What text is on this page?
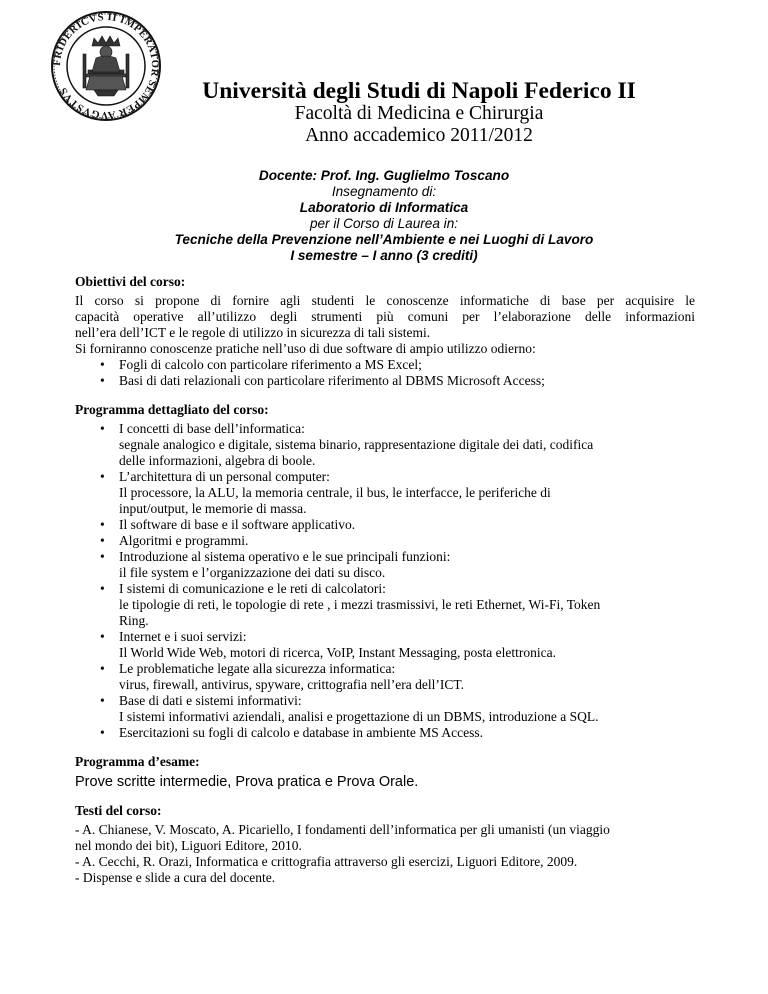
FRIDERICVS II IMPERATOR SEMPER AVGVSTVS	Università degli Studi di Napoli Federico II
Facoltà di Medicina e Chirurgia
Anno accademico 2011/2012
Docente: Prof. Ing. Guglielmo Toscano
Insegnamento di:
Laboratorio di Informatica
per il Corso di Laurea in:
Tecniche della Prevenzione nell’Ambiente e nei Luoghi di Lavoro
I semestre – I anno (3 crediti)

Obiettivi del corso:

Il corso si propone di fornire agli studenti le conoscenze informatiche di base per acquisire le

capacità operative all’utilizzo degli strumenti più comuni per l’elaborazione delle informazioni

nell’era dell’ICT e le regole di utilizzo in sicurezza di tali sistemi.

Si forniranno conoscenze pratiche nell’uso di due software di ampio utilizzo odierno:

• Fogli di calcolo con particolare riferimento a MS Excel;
• Basi di dati relazionali con particolare riferimento al DBMS Microsoft Access;

Programma dettagliato del corso:

• I concetti di base dell’informatica:
segnale analogico e digitale, sistema binario, rappresentazione digitale dei dati, codifica
delle informazioni, algebra di boole.
• L’architettura di un personal computer:
Il processore, la ALU, la memoria centrale, il bus, le interfacce, le periferiche di
input/output, le memorie di massa.
• Il software di base e il software applicativo.
• Algoritmi e programmi.
• Introduzione al sistema operativo e le sue principali funzioni:
il file system e l’organizzazione dei dati su disco.
• I sistemi di comunicazione e le reti di calcolatori:
le tipologie di reti, le topologie di rete , i mezzi trasmissivi, le reti Ethernet, Wi-Fi, Token
Ring.
• Internet e i suoi servizi:
Il World Wide Web, motori di ricerca, VoIP, Instant Messaging, posta elettronica.
• Le problematiche legate alla sicurezza informatica:
virus, firewall, antivirus, spyware, crittografia nell’era dell’ICT.
• Base di dati e sistemi informativi:
I sistemi informativi aziendali, analisi e progettazione di un DBMS, introduzione a SQL.
• Esercitazioni su fogli di calcolo e database in ambiente MS Access.

Programma d’esame:

Prove scritte intermedie, Prova pratica e Prova Orale.

Testi del corso:

- A. Chianese, V. Moscato, A. Picariello, I fondamenti dell’informatica per gli umanisti (un viaggio

nel mondo dei bit), Liguori Editore, 2010.

- A. Cecchi, R. Orazi, Informatica e crittografia attraverso gli esercizi, Liguori Editore, 2009.

- Dispense e slide a cura del docente.
